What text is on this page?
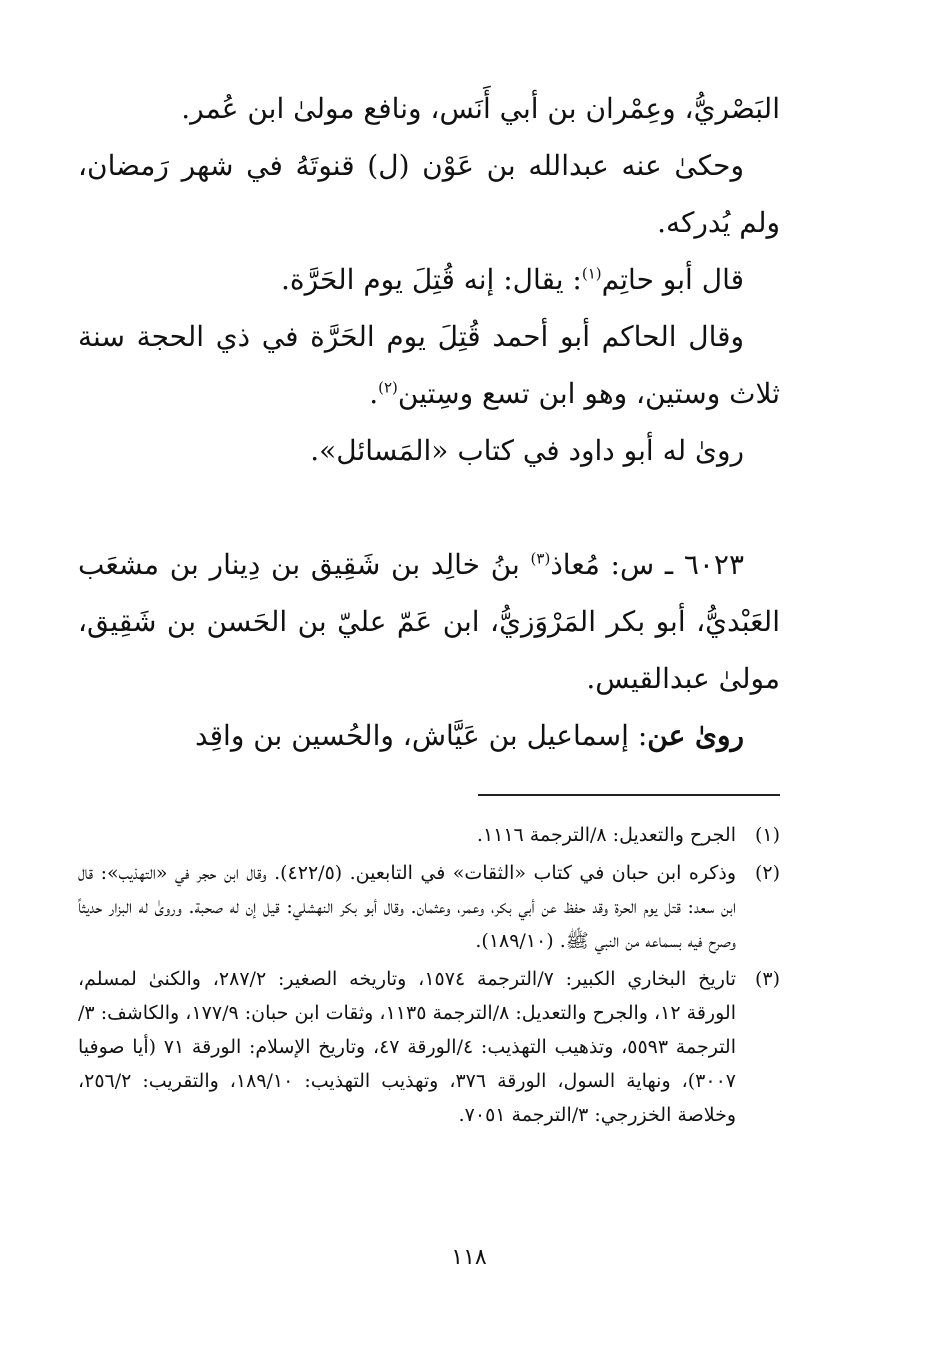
البَصْريُّ، وعِمْران بن أبي أَنَس، ونافع مولىٰ ابن عُمر.

وحكىٰ عنه عبدالله بن عَوْن (ل) قنوتَهُ في شهر رَمضان، ولم يُدركه.

قال أبو حاتِم$^{(١)}$: يقال: إنه قُتِلَ يوم الحَرَّة.

وقال الحاكم أبو أحمد قُتِلَ يوم الحَرَّة في ذي الحجة سنة ثلاث وستين، وهو ابن تسع وسِتين$^{(٢)}$.

روىٰ له أبو داود في كتاب «المَسائل».

٦٠٢٣ ـ س: مُعاذ$^{(٣)}$ بنُ خالِد بن شَقِيق بن دِينار بن مشعَب العَبْديُّ، أبو بكر المَرْوَزيُّ، ابن عَمّ عليّ بن الحَسن بن شَقِيق، مولىٰ عبدالقيس.

روىٰ عن: إسماعيل بن عَيَّاش، والحُسين بن واقِد

(١)
الجرح والتعديل: ٨/الترجمة ١١١٦.
(٢)
وذكره ابن حبان في كتاب «الثقات» في التابعين. (٤٢٢/٥). وقال ابن حجر في «التهذيب»: قال ابن سعد: قتل يوم الحرة وقد حفظ عن أبي بكر، وعمر، وعثمان. وقال أبو بكر النهشلي: قيل إن له صحبة. وروىٰ له البزار حديثاً وصرح فيه بسماعه من النبي ﷺ. (١٨٩/١٠).
(٣)
تاريخ البخاري الكبير: ٧/الترجمة ١٥٧٤، وتاريخه الصغير: ٢٨٧/٢، والكنىٰ لمسلم، الورقة ١٢، والجرح والتعديل: ٨/الترجمة ١١٣٥، وثقات ابن حبان: ١٧٧/٩، والكاشف: ٣/الترجمة ٥٥٩٣، وتذهيب التهذيب: ٤/الورقة ٤٧، وتاريخ الإسلام: الورقة ٧١ (أيا صوفيا ٣٠٠٧)، ونهاية السول، الورقة ٣٧٦، وتهذيب التهذيب: ١٨٩/١٠، والتقريب: ٢٥٦/٢، وخلاصة الخزرجي: ٣/الترجمة ٧٠٥١.
١١٨
